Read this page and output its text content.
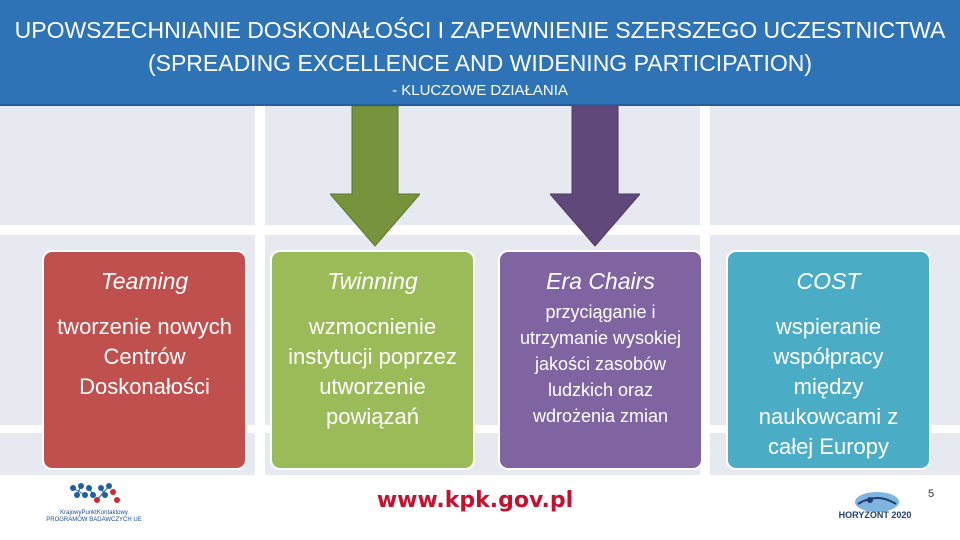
UPOWSZECHNIANIE DOSKONAŁOŚCI I ZAPEWNIENIE SZERSZEGO UCZESTNICTWA
(SPREADING EXCELLENCE AND WIDENING PARTICIPATION)
- KLUCZOWE DZIAŁANIA
Teaming
tworzenie nowych Centrów Doskonałości
Twinning
wzmocnienie instytucji poprzez utworzenie powiązań
Era Chairs
przyciąganie i utrzymanie wysokiej jakości zasobów ludzkich oraz wdrożenia zmian
COST
wspieranie współpracy między naukowcami z całej Europy
KrajowyPunktKontaktowy
PROGRAMÓW BADAWCZYCH UE
www.kpk.gov.pl
HORYZONT 2020
5
